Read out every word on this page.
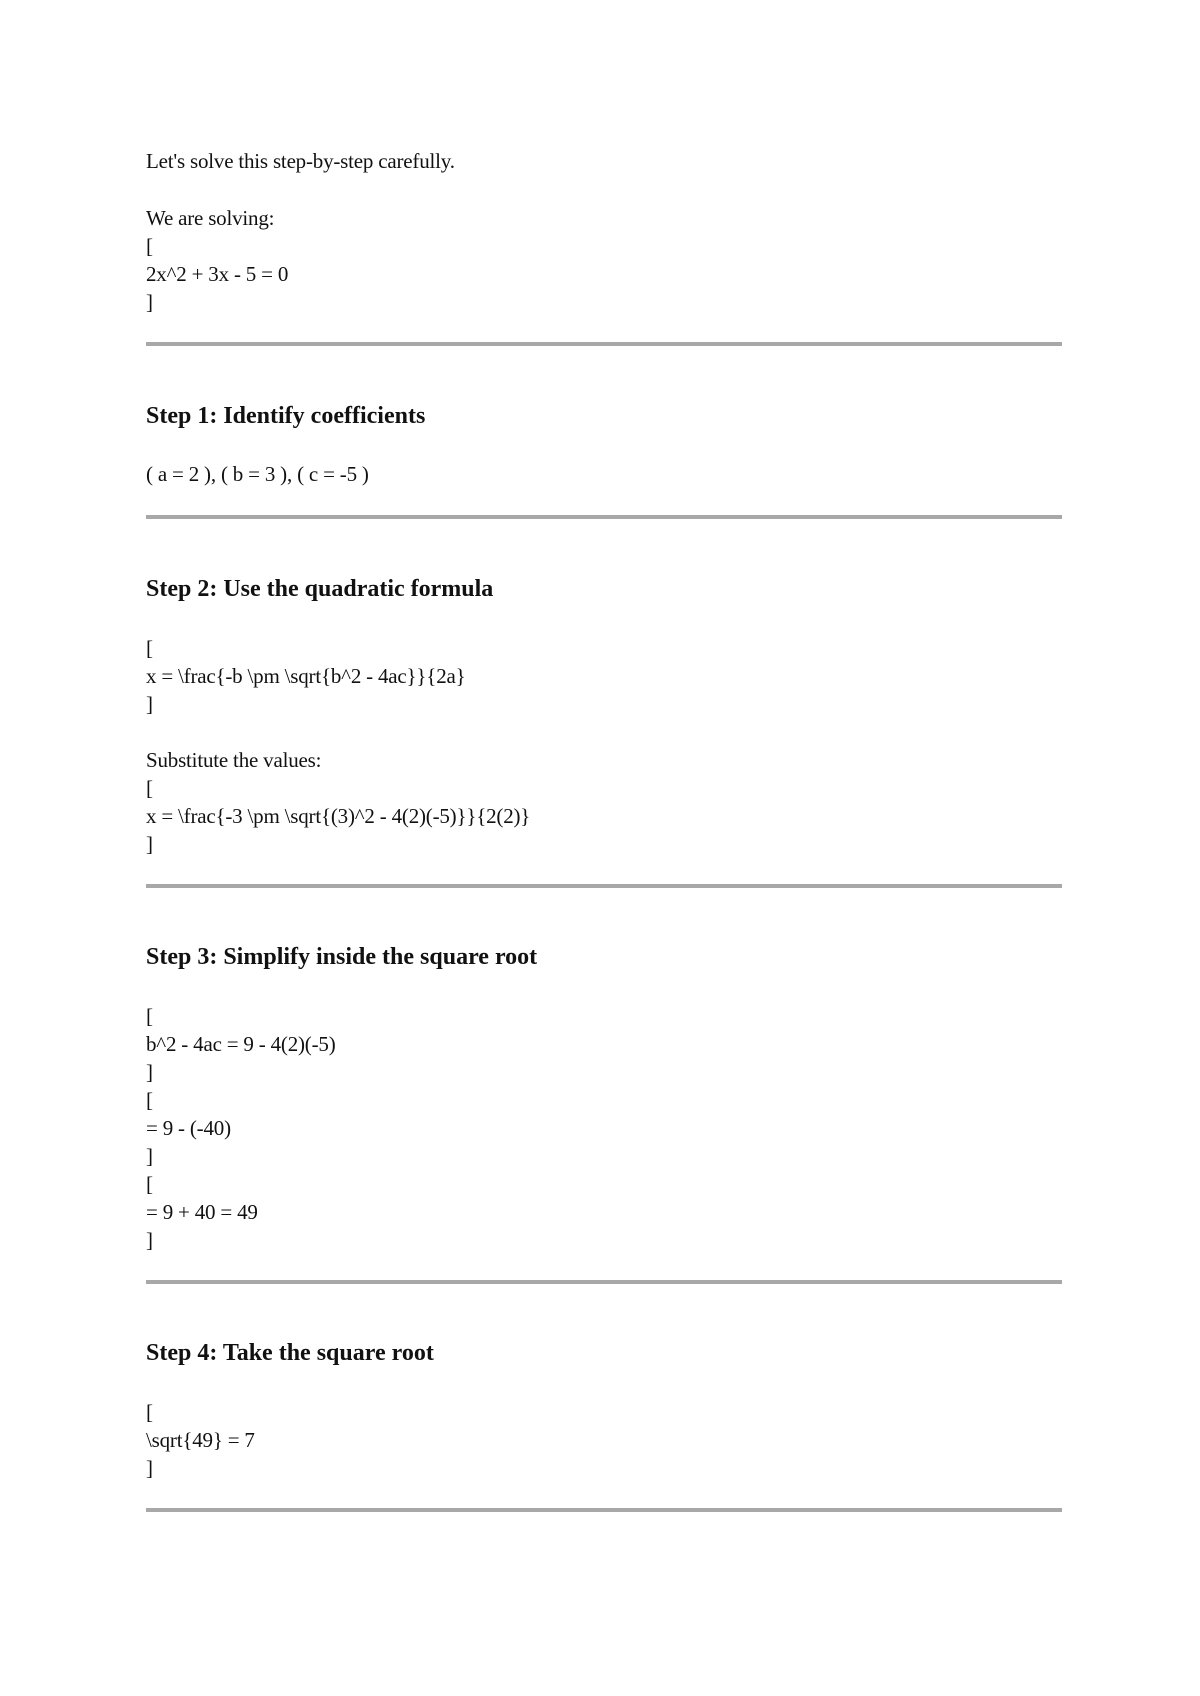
Let's solve this step-by-step carefully.
We are solving:
[
2x^2 + 3x - 5 = 0
]
Step 1: Identify coefficients
( a = 2 ), ( b = 3 ), ( c = -5 )
Step 2: Use the quadratic formula
[
x = \frac{-b \pm \sqrt{b^2 - 4ac}}{2a}
]
Substitute the values:
[
x = \frac{-3 \pm \sqrt{(3)^2 - 4(2)(-5)}}{2(2)}
]
Step 3: Simplify inside the square root
[
b^2 - 4ac = 9 - 4(2)(-5)
]
[
= 9 - (-40)
]
[
= 9 + 40 = 49
]
Step 4: Take the square root
[
\sqrt{49} = 7
]
